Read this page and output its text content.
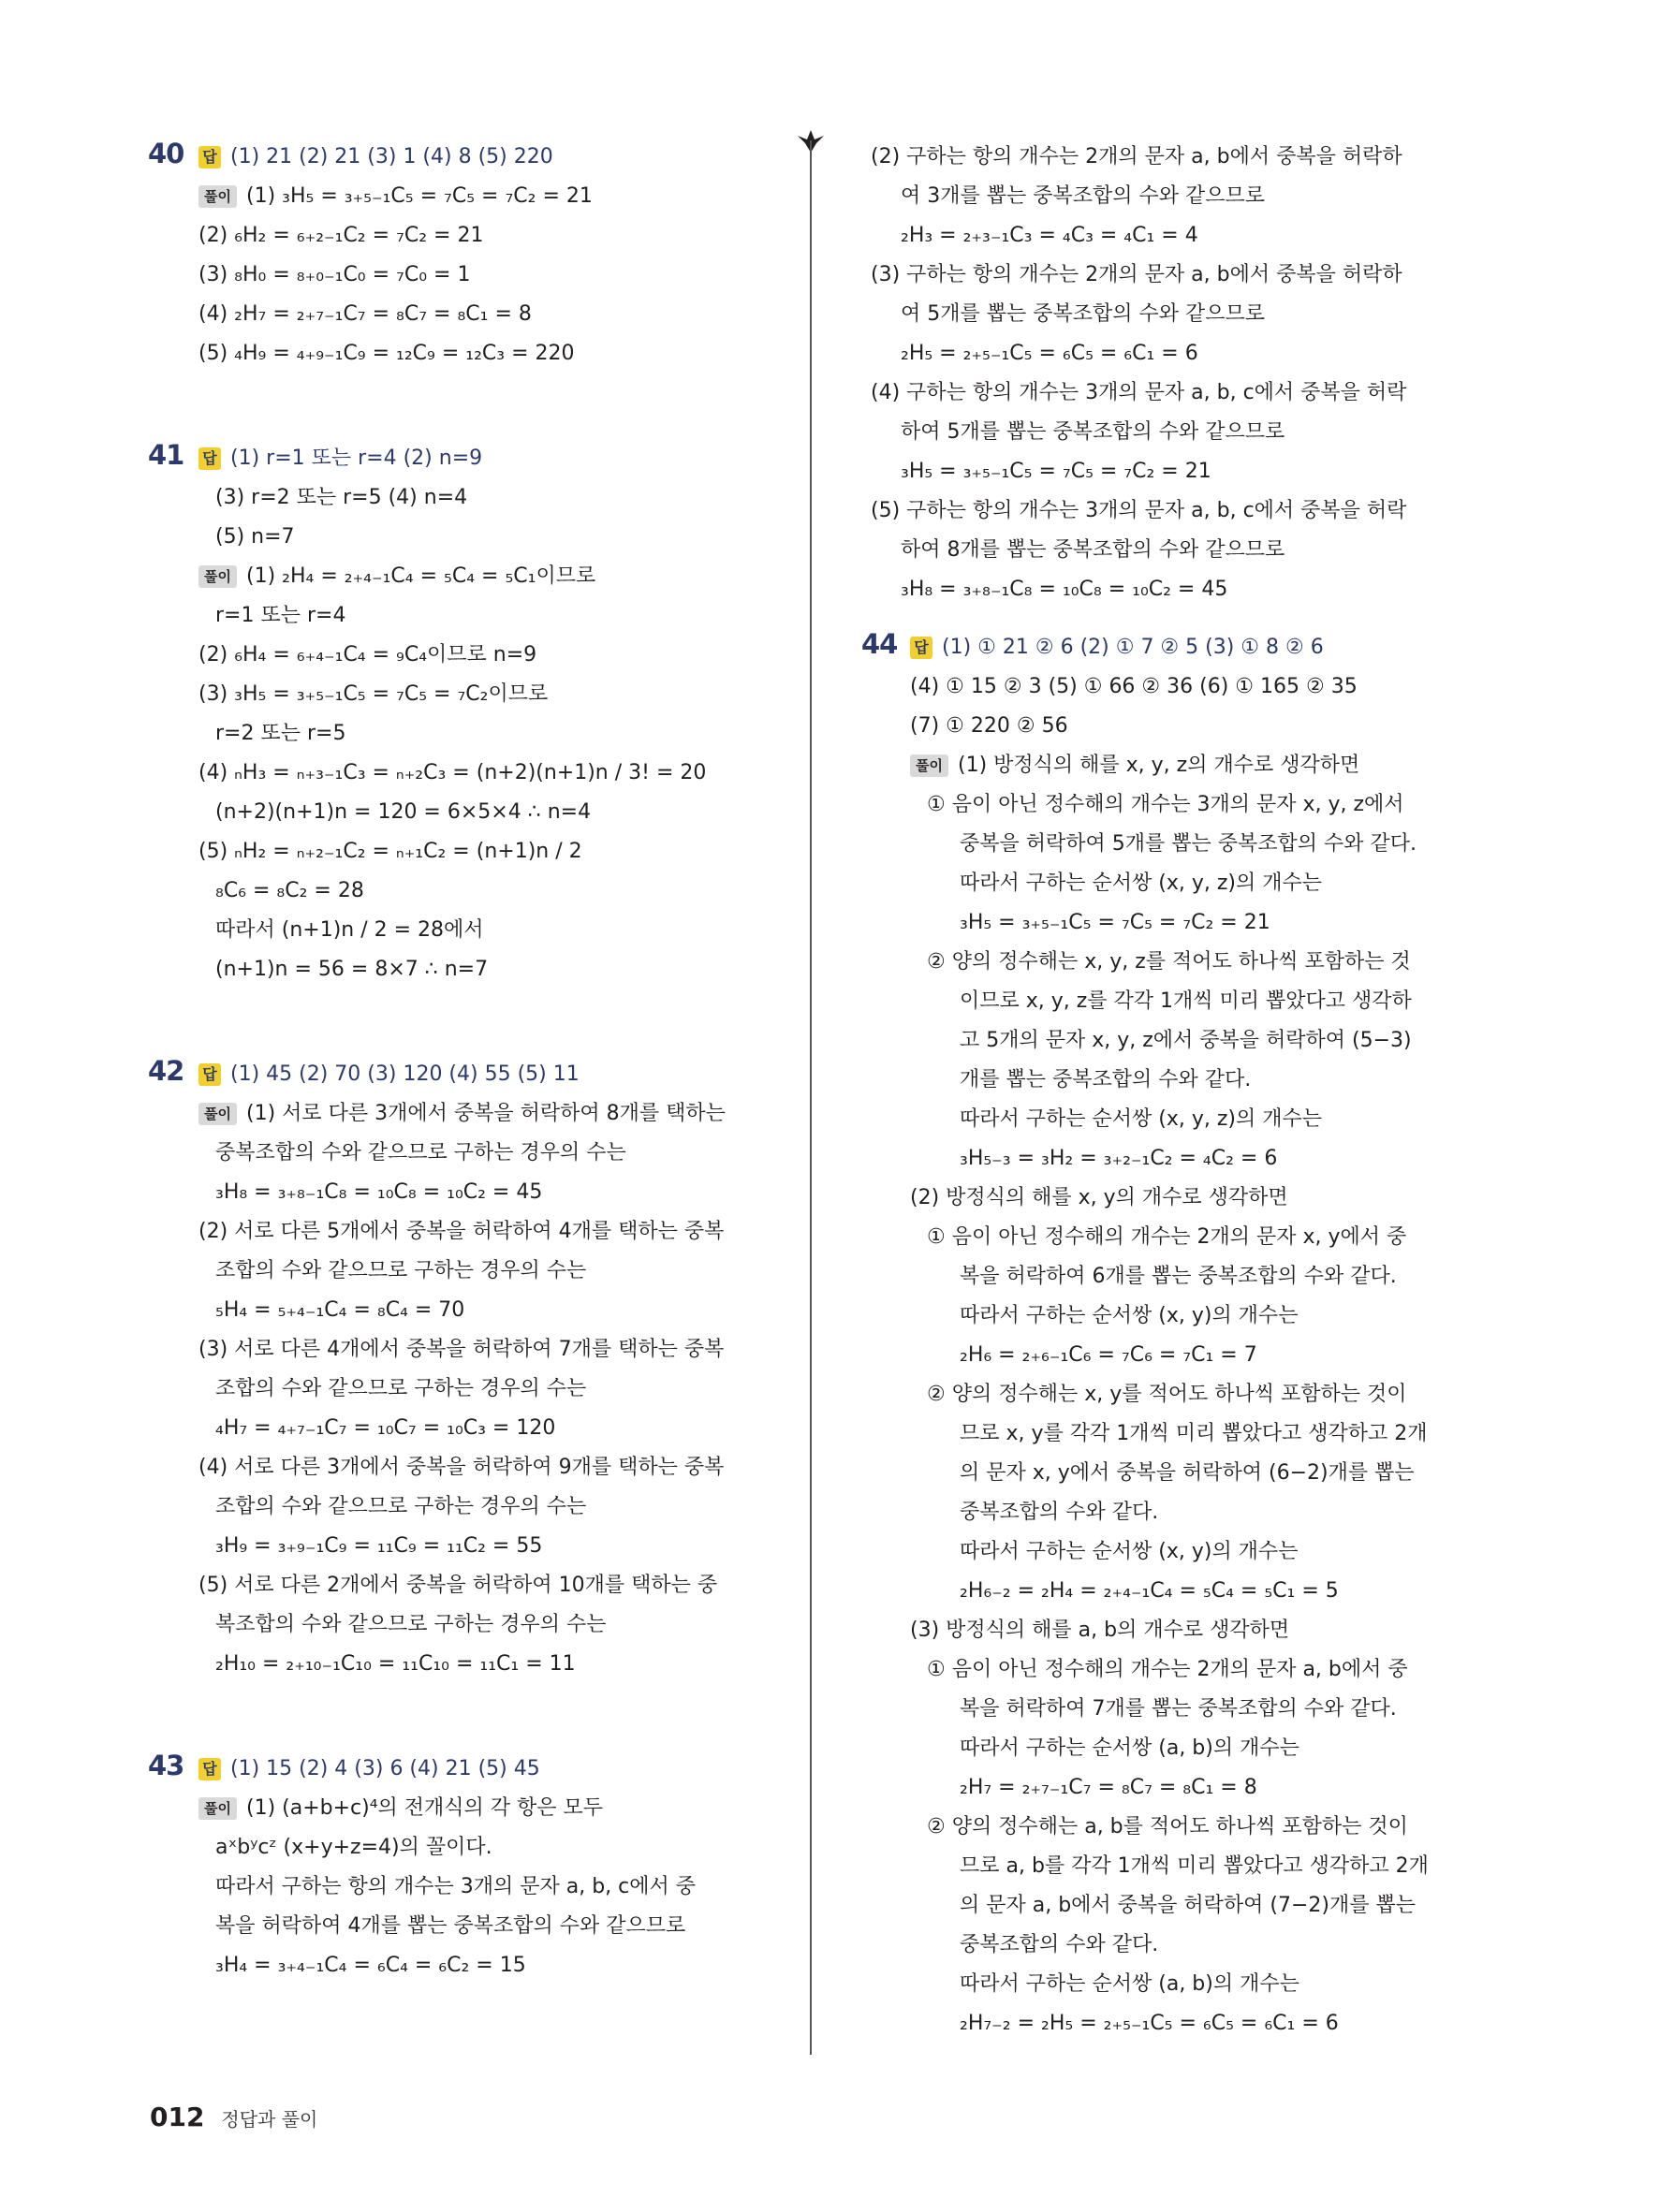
40	답 (1) 21 (2) 21 (3) 1 (4) 8 (5) 220
풀이 (1) ₃H₅ = ₃₊₅₋₁C₅ = ₇C₅ = ₇C₂ = 21
(2) ₆H₂ = ₆₊₂₋₁C₂ = ₇C₂ = 21
(3) ₈H₀ = ₈₊₀₋₁C₀ = ₇C₀ = 1
(4) ₂H₇ = ₂₊₇₋₁C₇ = ₈C₇ = ₈C₁ = 8
(5) ₄H₉ = ₄₊₉₋₁C₉ = ₁₂C₉ = ₁₂C₃ = 220
41	답 (1) r=1 또는 r=4 (2) n=9
(3) r=2 또는 r=5 (4) n=4
(5) n=7
풀이 (1) ₂H₄ = ₂₊₄₋₁C₄ = ₅C₄ = ₅C₁이므로
r=1 또는 r=4
(2) ₆H₄ = ₆₊₄₋₁C₄ = ₉C₄이므로 n=9
(3) ₃H₅ = ₃₊₅₋₁C₅ = ₇C₅ = ₇C₂이므로
r=2 또는 r=5
(4) ₙH₃ = ₙ₊₃₋₁C₃ = ₙ₊₂C₃ = (n+2)(n+1)n / 3! = 20
(n+2)(n+1)n = 120 = 6×5×4 ∴ n=4
(5) ₙH₂ = ₙ₊₂₋₁C₂ = ₙ₊₁C₂ = (n+1)n / 2
₈C₆ = ₈C₂ = 28
따라서 (n+1)n / 2 = 28에서
(n+1)n = 56 = 8×7 ∴ n=7
42	답 (1) 45 (2) 70 (3) 120 (4) 55 (5) 11
풀이 (1) 서로 다른 3개에서 중복을 허락하여 8개를 택하는
중복조합의 수와 같으므로 구하는 경우의 수는
₃H₈ = ₃₊₈₋₁C₈ = ₁₀C₈ = ₁₀C₂ = 45
(2) 서로 다른 5개에서 중복을 허락하여 4개를 택하는 중복
조합의 수와 같으므로 구하는 경우의 수는
₅H₄ = ₅₊₄₋₁C₄ = ₈C₄ = 70
(3) 서로 다른 4개에서 중복을 허락하여 7개를 택하는 중복
조합의 수와 같으므로 구하는 경우의 수는
₄H₇ = ₄₊₇₋₁C₇ = ₁₀C₇ = ₁₀C₃ = 120
(4) 서로 다른 3개에서 중복을 허락하여 9개를 택하는 중복
조합의 수와 같으므로 구하는 경우의 수는
₃H₉ = ₃₊₉₋₁C₉ = ₁₁C₉ = ₁₁C₂ = 55
(5) 서로 다른 2개에서 중복을 허락하여 10개를 택하는 중
복조합의 수와 같으므로 구하는 경우의 수는
₂H₁₀ = ₂₊₁₀₋₁C₁₀ = ₁₁C₁₀ = ₁₁C₁ = 11
43	답 (1) 15 (2) 4 (3) 6 (4) 21 (5) 45
풀이 (1) (a+b+c)⁴의 전개식의 각 항은 모두
aˣbʸcᶻ (x+y+z=4)의 꼴이다.
따라서 구하는 항의 개수는 3개의 문자 a, b, c에서 중
복을 허락하여 4개를 뽑는 중복조합의 수와 같으므로
₃H₄ = ₃₊₄₋₁C₄ = ₆C₄ = ₆C₂ = 15
(2) 구하는 항의 개수는 2개의 문자 a, b에서 중복을 허락하
여 3개를 뽑는 중복조합의 수와 같으므로
₂H₃ = ₂₊₃₋₁C₃ = ₄C₃ = ₄C₁ = 4
(3) 구하는 항의 개수는 2개의 문자 a, b에서 중복을 허락하
여 5개를 뽑는 중복조합의 수와 같으므로
₂H₅ = ₂₊₅₋₁C₅ = ₆C₅ = ₆C₁ = 6
(4) 구하는 항의 개수는 3개의 문자 a, b, c에서 중복을 허락
하여 5개를 뽑는 중복조합의 수와 같으므로
₃H₅ = ₃₊₅₋₁C₅ = ₇C₅ = ₇C₂ = 21
(5) 구하는 항의 개수는 3개의 문자 a, b, c에서 중복을 허락
하여 8개를 뽑는 중복조합의 수와 같으므로
₃H₈ = ₃₊₈₋₁C₈ = ₁₀C₈ = ₁₀C₂ = 45
44	답 (1) ① 21 ② 6 (2) ① 7 ② 5 (3) ① 8 ② 6
(4) ① 15 ② 3 (5) ① 66 ② 36 (6) ① 165 ② 35
(7) ① 220 ② 56
풀이 (1) 방정식의 해를 x, y, z의 개수로 생각하면
① 음이 아닌 정수해의 개수는 3개의 문자 x, y, z에서
중복을 허락하여 5개를 뽑는 중복조합의 수와 같다.
따라서 구하는 순서쌍 (x, y, z)의 개수는
₃H₅ = ₃₊₅₋₁C₅ = ₇C₅ = ₇C₂ = 21
② 양의 정수해는 x, y, z를 적어도 하나씩 포함하는 것
이므로 x, y, z를 각각 1개씩 미리 뽑았다고 생각하
고 5개의 문자 x, y, z에서 중복을 허락하여 (5−3)
개를 뽑는 중복조합의 수와 같다.
따라서 구하는 순서쌍 (x, y, z)의 개수는
₃H₅₋₃ = ₃H₂ = ₃₊₂₋₁C₂ = ₄C₂ = 6
(2) 방정식의 해를 x, y의 개수로 생각하면
① 음이 아닌 정수해의 개수는 2개의 문자 x, y에서 중
복을 허락하여 6개를 뽑는 중복조합의 수와 같다.
따라서 구하는 순서쌍 (x, y)의 개수는
₂H₆ = ₂₊₆₋₁C₆ = ₇C₆ = ₇C₁ = 7
② 양의 정수해는 x, y를 적어도 하나씩 포함하는 것이
므로 x, y를 각각 1개씩 미리 뽑았다고 생각하고 2개
의 문자 x, y에서 중복을 허락하여 (6−2)개를 뽑는
중복조합의 수와 같다.
따라서 구하는 순서쌍 (x, y)의 개수는
₂H₆₋₂ = ₂H₄ = ₂₊₄₋₁C₄ = ₅C₄ = ₅C₁ = 5
(3) 방정식의 해를 a, b의 개수로 생각하면
① 음이 아닌 정수해의 개수는 2개의 문자 a, b에서 중
복을 허락하여 7개를 뽑는 중복조합의 수와 같다.
따라서 구하는 순서쌍 (a, b)의 개수는
₂H₇ = ₂₊₇₋₁C₇ = ₈C₇ = ₈C₁ = 8
② 양의 정수해는 a, b를 적어도 하나씩 포함하는 것이
므로 a, b를 각각 1개씩 미리 뽑았다고 생각하고 2개
의 문자 a, b에서 중복을 허락하여 (7−2)개를 뽑는
중복조합의 수와 같다.
따라서 구하는 순서쌍 (a, b)의 개수는
₂H₇₋₂ = ₂H₅ = ₂₊₅₋₁C₅ = ₆C₅ = ₆C₁ = 6
012 정답과 풀이
